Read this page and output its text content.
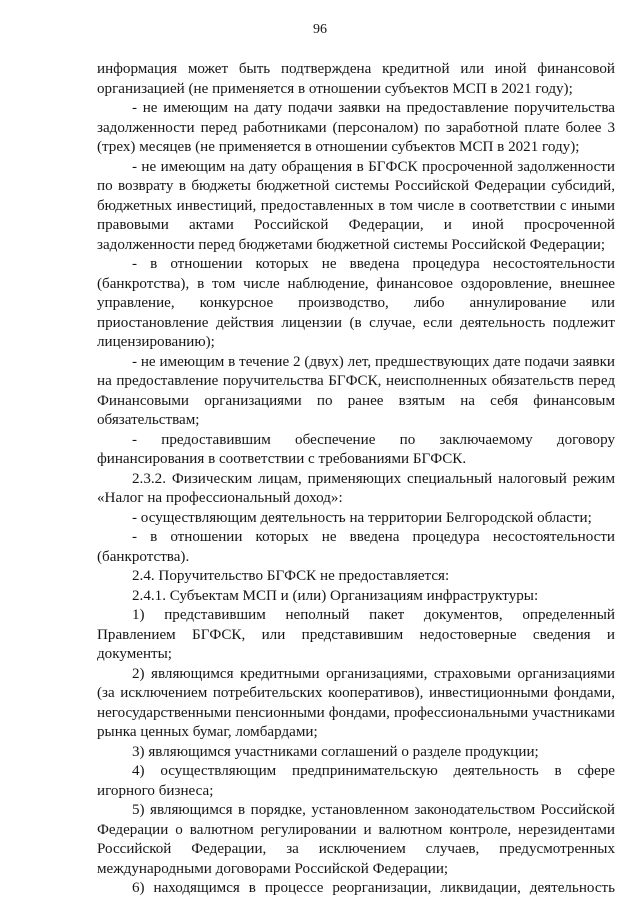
96

информация может быть подтверждена кредитной или иной финансовой организацией (не применяется в отношении субъектов МСП в 2021 году);

- не имеющим на дату подачи заявки на предоставление поручительства задолженности перед работниками (персоналом) по заработной плате более 3 (трех) месяцев (не применяется в отношении субъектов МСП в 2021 году);

- не имеющим на дату обращения в БГФСК просроченной задолженности по возврату в бюджеты бюджетной системы Российской Федерации субсидий, бюджетных инвестиций, предоставленных в том числе в соответствии с иными правовыми актами Российской Федерации, и иной просроченной задолженности перед бюджетами бюджетной системы Российской Федерации;

- в отношении которых не введена процедура несостоятельности (банкротства), в том числе наблюдение, финансовое оздоровление, внешнее управление, конкурсное производство, либо аннулирование или приостановление действия лицензии (в случае, если деятельность подлежит лицензированию);

- не имеющим в течение 2 (двух) лет, предшествующих дате подачи заявки на предоставление поручительства БГФСК, неисполненных обязательств перед Финансовыми организациями по ранее взятым на себя финансовым обязательствам;

- предоставившим обеспечение по заключаемому договору финансирования в соответствии с требованиями БГФСК.

2.3.2. Физическим лицам, применяющих специальный налоговый режим «Налог на профессиональный доход»:

- осуществляющим деятельность на территории Белгородской области;

- в отношении которых не введена процедура несостоятельности (банкротства).

2.4. Поручительство БГФСК не предоставляется:

2.4.1. Субъектам МСП и (или) Организациям инфраструктуры:

1) представившим неполный пакет документов, определенный Правлением БГФСК, или представившим недостоверные сведения и документы;

2) являющимся кредитными организациями, страховыми организациями (за исключением потребительских кооперативов), инвестиционными фондами, негосударственными пенсионными фондами, профессиональными участниками рынка ценных бумаг, ломбардами;

3) являющимся участниками соглашений о разделе продукции;

4) осуществляющим предпринимательскую деятельность в сфере игорного бизнеса;

5) являющимся в порядке, установленном законодательством Российской Федерации о валютном регулировании и валютном контроле, нерезидентами Российской Федерации, за исключением случаев, предусмотренных международными договорами Российской Федерации;

6) находящимся в процессе реорганизации, ликвидации, деятельность
